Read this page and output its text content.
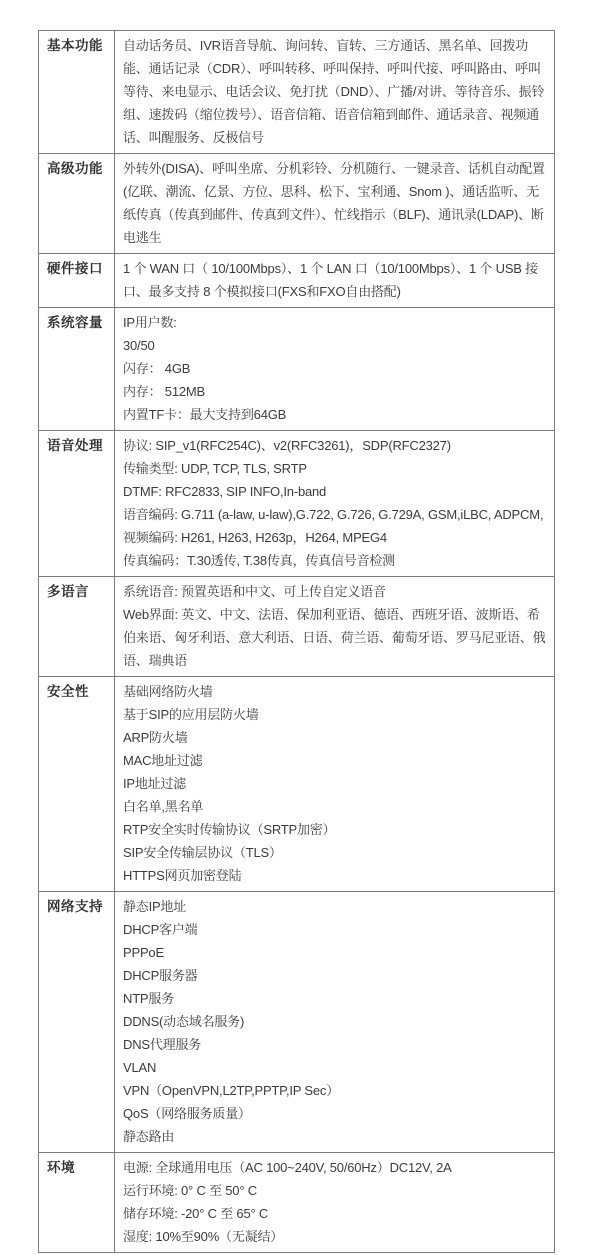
基本功能	自动话务员、IVR语音导航、询问转、盲转、三方通话、黑名单、回拨功能、通话记录（CDR）、呼叫转移、呼叫保持、呼叫代接、呼叫路由、呼叫等待、来电显示、电话会议、免打扰（DND）、广播/对讲、等待音乐、振铃组、速拨码（缩位拨号）、语音信箱、语音信箱到邮件、通话录音、视频通话、叫醒服务、反极信号

高级功能	外转外(DISA)、呼叫坐席、分机彩铃、分机随行、一键录音、话机自动配置(亿联、潮流、亿景、方位、思科、松下、宝利通、Snom )、通话监听、无纸传真（传真到邮件、传真到文件）、忙线指示（BLF)、通讯录(LDAP)、断电逃生

硬件接口	1 个 WAN 口（ 10/100Mbps）、1 个 LAN 口（10/100Mbps）、1 个 USB 接口、最多支持 8 个模拟接口(FXS和FXO自由搭配)

系统容量	IP用户数:
30/50
闪存： 4GB
内存： 512MB
内置TF卡：最大支持到64GB

语音处理	协议: SIP_v1(RFC254C)、v2(RFC3261)，SDP(RFC2327)
传输类型: UDP, TCP, TLS, SRTP
DTMF: RFC2833, SIP INFO,In-band
语音编码: G.711 (a-law, u-law),G.722, G.726, G.729A, GSM,iLBC, ADPCM,
视频编码: H261, H263, H263p，H264, MPEG4
传真编码：T.30透传, T.38传真，传真信号音检测

多语言	系统语音: 预置英语和中文、可上传自定义语音
Web界面: 英文、中文、法语、保加利亚语、德语、西班牙语、波斯语、希伯来语、匈牙利语、意大利语、日语、荷兰语、葡萄牙语、罗马尼亚语、俄语、瑞典语

安全性	基础网络防火墙
基于SIP的应用层防火墙
ARP防火墙
MAC地址过滤
IP地址过滤
白名单,黑名单
RTP安全实时传输协议（SRTP加密）
SIP安全传输层协议（TLS）
HTTPS网页加密登陆

网络支持	静态IP地址
DHCP客户端
PPPoE
DHCP服务器
NTP服务
DDNS(动态域名服务)
DNS代理服务
VLAN
VPN（OpenVPN,L2TP,PPTP,IP Sec）
QoS（网络服务质量）
静态路由

环境	电源: 全球通用电压（AC 100~240V, 50/60Hz）DC12V, 2A
运行环境: 0° C 至 50° C
储存环境: -20° C 至 65° C
湿度: 10%至90%（无凝结）
